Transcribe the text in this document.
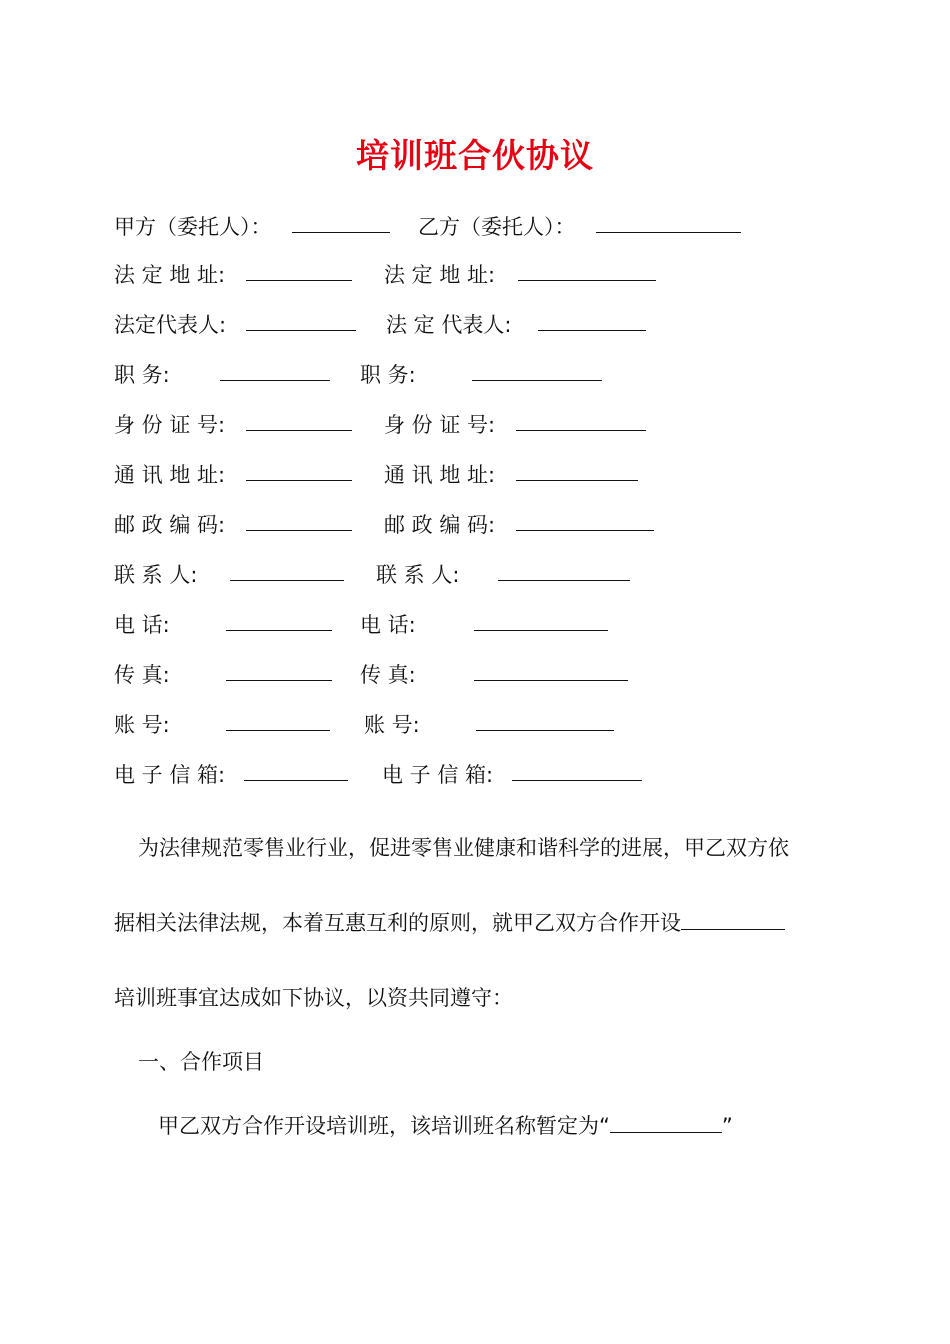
培训班合伙协议
甲方（委托人）：	乙方（委托人）：
法 定 地 址:	法 定 地 址:
法定代表人:	法 定 代表人:
职 务:	职 务:
身 份 证 号:	身 份 证 号:
通 讯 地 址:	通 讯 地 址:
邮 政 编 码:	邮 政 编 码:
联 系 人:	联 系 人:
电 话:	电 话:
传 真:	传 真:
账 号:	账 号:
电 子 信 箱:	电 子 信 箱:
为法律规范零售业行业，促进零售业健康和谐科学的进展，甲乙双方依
据相关法律法规，本着互惠互利的原则，就甲乙双方合作开设
培训班事宜达成如下协议，以资共同遵守：
一、合作项目
甲乙双方合作开设培训班，该培训班名称暂定为“	”
